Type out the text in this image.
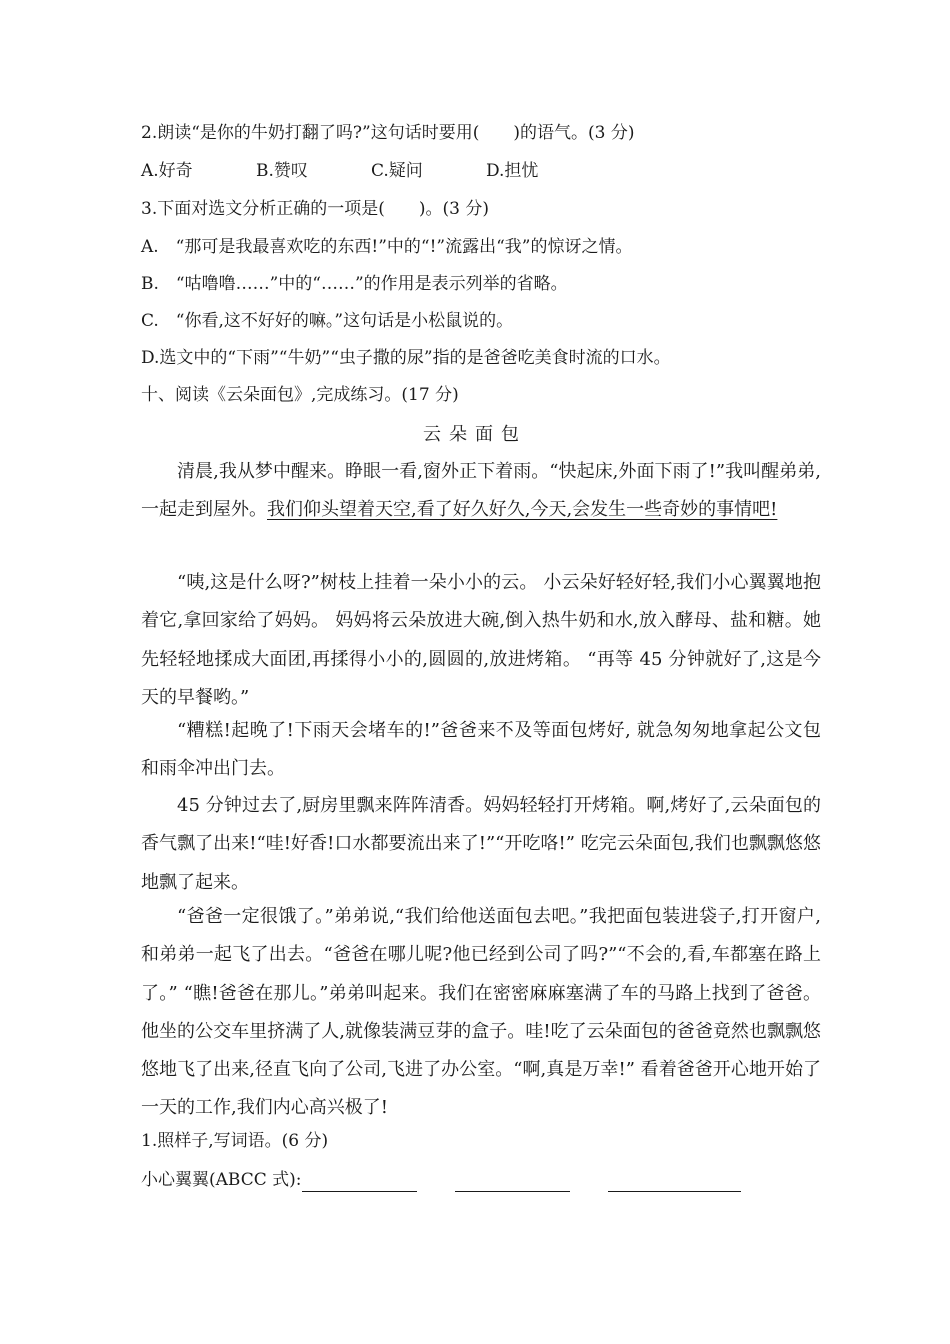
2.朗读“是你的牛奶打翻了吗?”这句话时要用(　　)的语气。(3 分)
A.好奇	B.赞叹	C.疑问	D.担忧
3.下面对选文分析正确的一项是(　　)。(3 分)
A.　“那可是我最喜欢吃的东西!”中的“!”流露出“我”的惊讶之情。
B.　“咕噜噜……”中的“……”的作用是表示列举的省略。
C.　“你看,这不好好的嘛。”这句话是小松鼠说的。
D.选文中的“下雨”“牛奶”“虫子撒的尿”指的是爸爸吃美食时流的口水。
十、阅读《云朵面包》,完成练习。(17 分)
云朵面包
清晨,我从梦中醒来。睁眼一看,窗外正下着雨。“快起床,外面下雨了!”我叫醒弟弟,一起走到屋外。我们仰头望着天空,看了好久好久,今天,会发生一些奇妙的事情吧!
“咦,这是什么呀?”树枝上挂着一朵小小的云。 小云朵好轻好轻,我们小心翼翼地抱着它,拿回家给了妈妈。 妈妈将云朵放进大碗,倒入热牛奶和水,放入酵母、盐和糖。她先轻轻地揉成大面团,再揉得小小的,圆圆的,放进烤箱。 “再等 45 分钟就好了,这是今天的早餐哟。”
“糟糕!起晚了!下雨天会堵车的!”爸爸来不及等面包烤好, 就急匆匆地拿起公文包和雨伞冲出门去。
45 分钟过去了,厨房里飘来阵阵清香。妈妈轻轻打开烤箱。啊,烤好了,云朵面包的香气飘了出来!“哇!好香!口水都要流出来了!”“开吃咯!” 吃完云朵面包,我们也飘飘悠悠地飘了起来。
“爸爸一定很饿了。”弟弟说,“我们给他送面包去吧。”我把面包装进袋子,打开窗户,和弟弟一起飞了出去。“爸爸在哪儿呢?他已经到公司了吗?”“不会的,看,车都塞在路上了。” “瞧!爸爸在那儿。”弟弟叫起来。我们在密密麻麻塞满了车的马路上找到了爸爸。他坐的公交车里挤满了人,就像装满豆芽的盒子。哇!吃了云朵面包的爸爸竟然也飘飘悠悠地飞了出来,径直飞向了公司,飞进了办公室。“啊,真是万幸!” 看着爸爸开心地开始了一天的工作,我们内心高兴极了!
1.照样子,写词语。(6 分)
小心翼翼(ABCC 式):
